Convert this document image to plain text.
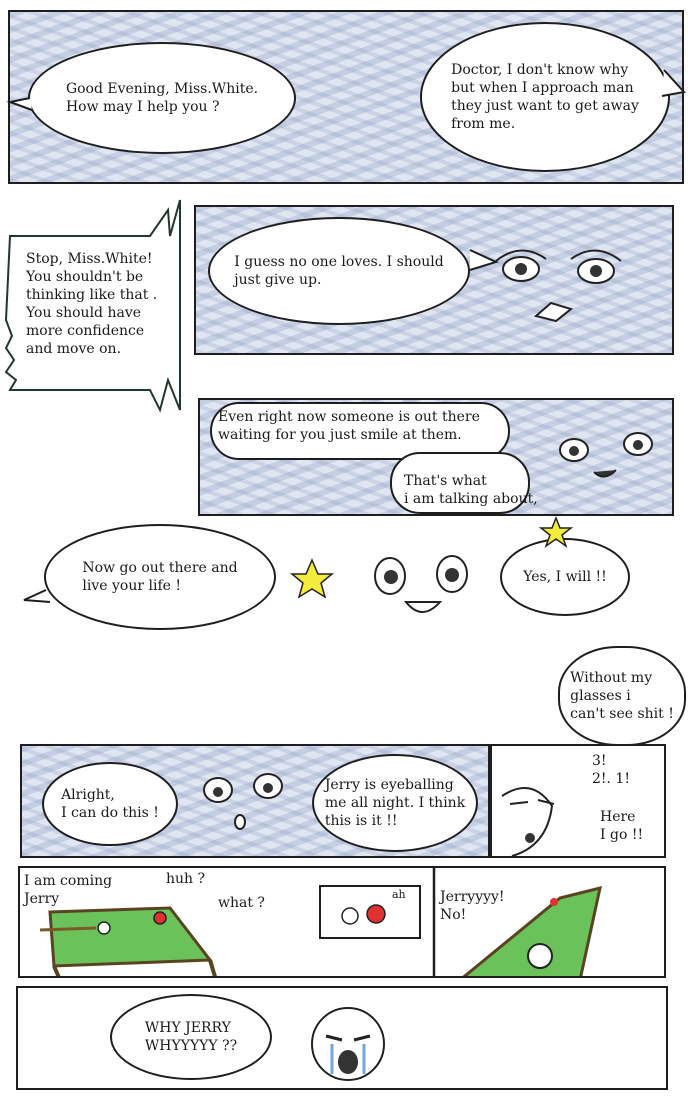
Good Evening, Miss.White.
How may I help you ?
Doctor, I don't know why
but when I approach man
they just want to get away
from me.
I guess no one loves. I should
just give up.
Stop, Miss.White!
You shouldn't be
thinking like that .
You should have
more confidence
and move on.
Even right now someone is out there
waiting for you just smile at them.
That's what
i am talking about,
Now go out there and
live your life !
Yes, I will !!
Without my
glasses i
can't see shit !
Alright,
I can do this !
Jerry is eyeballing
me all night. I think
this is it !!
3!
2!. 1!
Here
I go !!
I am coming
Jerry
huh ?
what ?
ah Jerryyyy!
No!
WHY JERRY
WHYYYYY ??
